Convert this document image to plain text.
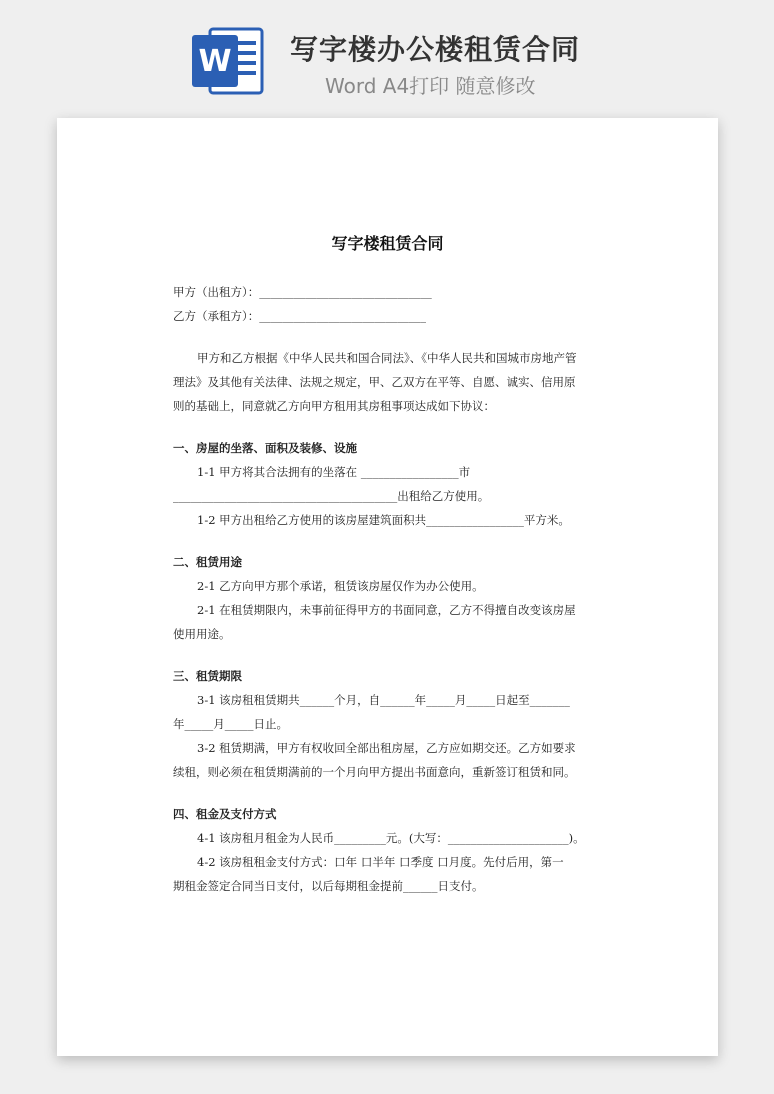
W 写字楼办公楼租赁合同
Word A4打印 随意修改
写字楼租赁合同
甲方（出租方）：______________________________
乙方（承租方）：_____________________________
甲方和乙方根据《中华人民共和国合同法》、《中华人民共和国城市房地产管
理法》及其他有关法律、法规之规定，甲、乙双方在平等、自愿、诚实、信用原
则的基础上，同意就乙方向甲方租用其房租事项达成如下协议：
一、房屋的坐落、面积及装修、设施
1-1 甲方将其合法拥有的坐落在 _________________市
_______________________________________出租给乙方使用。
1-2 甲方出租给乙方使用的该房屋建筑面积共_________________平方米。
二、租赁用途
2-1 乙方向甲方那个承诺，租赁该房屋仅作为办公使用。
2-1 在租赁期限内，未事前征得甲方的书面同意，乙方不得擅自改变该房屋
使用用途。
三、租赁期限
3-1 该房租租赁期共______个月，自______年_____月_____日起至_______
年_____月_____日止。
3-2 租赁期满，甲方有权收回全部出租房屋，乙方应如期交还。乙方如要求
续租，则必须在租赁期满前的一个月向甲方提出书面意向，重新签订租赁和同。
四、租金及支付方式
4-1 该房租月租金为人民币_________元。(大写：_____________________)。
4-2 该房租租金支付方式：口年 口半年 口季度 口月度。先付后用，第一
期租金签定合同当日支付，以后每期租金提前______日支付。
